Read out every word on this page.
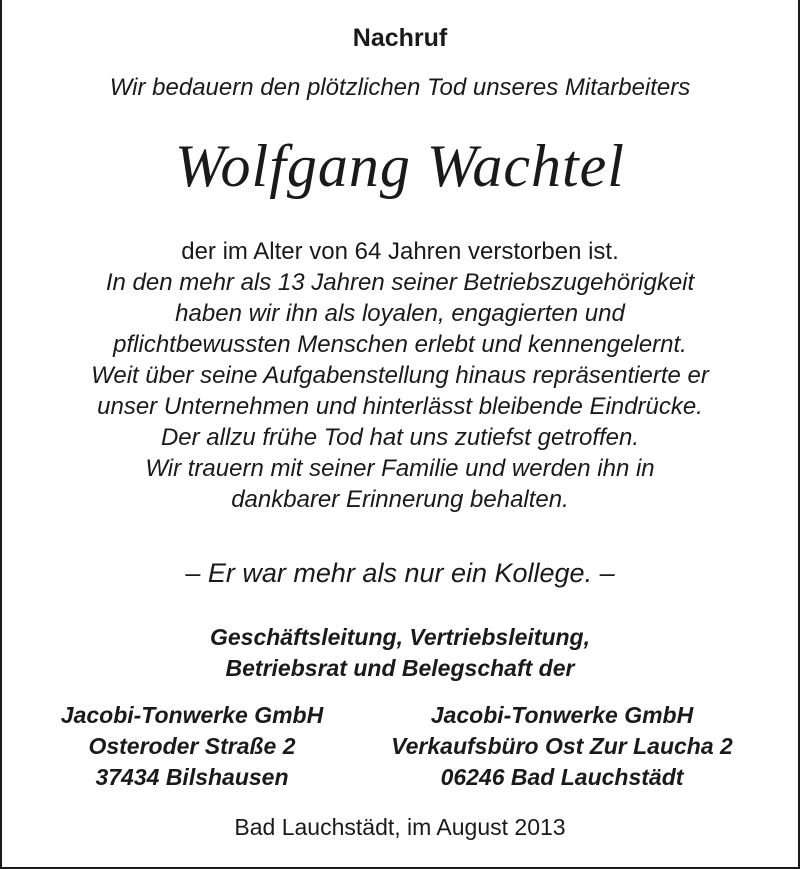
Nachruf
Wir bedauern den plötzlichen Tod unseres Mitarbeiters
Wolfgang Wachtel
der im Alter von 64 Jahren verstorben ist.
In den mehr als 13 Jahren seiner Betriebszugehörigkeit
haben wir ihn als loyalen, engagierten und
pflichtbewussten Menschen erlebt und kennengelernt.
Weit über seine Aufgabenstellung hinaus repräsentierte er
unser Unternehmen und hinterlässt bleibende Eindrücke.
Der allzu frühe Tod hat uns zutiefst getroffen.
Wir trauern mit seiner Familie und werden ihn in
dankbarer Erinnerung behalten.
– Er war mehr als nur ein Kollege. –
Geschäftsleitung, Vertriebsleitung,
Betriebsrat und Belegschaft der
Jacobi-Tonwerke GmbH
Osteroder Straße 2
37434 Bilshausen
Jacobi-Tonwerke GmbH
Verkaufsbüro Ost Zur Laucha 2
06246 Bad Lauchstädt
Bad Lauchstädt, im August 2013
